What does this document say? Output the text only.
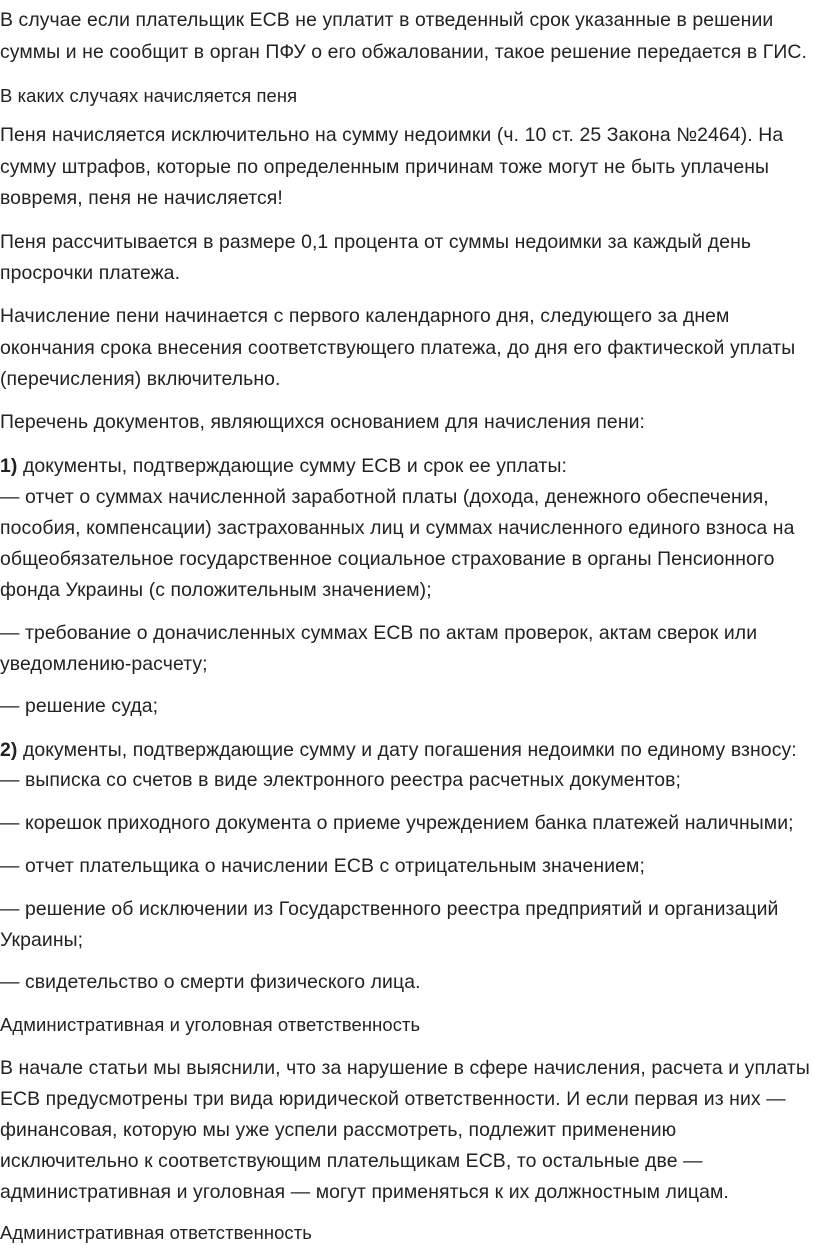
В случае если плательщик ЕСВ не уплатит в отведенный срок указанные в решении
суммы и не сообщит в орган ПФУ о его обжаловании, такое решение передается в ГИС.
В каких случаях начисляется пеня
Пеня начисляется исключительно на сумму недоимки (ч. 10 ст. 25 Закона №2464). На
сумму штрафов, которые по определенным причинам тоже могут не быть уплачены
вовремя, пеня не начисляется!
Пеня рассчитывается в размере 0,1 процента от суммы недоимки за каждый день
просрочки платежа.
Начисление пени начинается с первого календарного дня, следующего за днем
окончания срока внесения соответствующего платежа, до дня его фактической уплаты
(перечисления) включительно.
Перечень документов, являющихся основанием для начисления пени:
1) документы, подтверждающие сумму ЕСВ и срок ее уплаты:
— отчет о суммах начисленной заработной платы (дохода, денежного обеспечения,
пособия, компенсации) застрахованных лиц и суммах начисленного единого взноса на
общеобязательное государственное социальное страхование в органы Пенсионного
фонда Украины (с положительным значением);
— требование о доначисленных суммах ЕСВ по актам проверок, актам сверок или
уведомлению-расчету;
— решение суда;
2) документы, подтверждающие сумму и дату погашения недоимки по единому взносу:
— выписка со счетов в виде электронного реестра расчетных документов;
— корешок приходного документа о приеме учреждением банка платежей наличными;
— отчет плательщика о начислении ЕСВ с отрицательным значением;
— решение об исключении из Государственного реестра предприятий и организаций
Украины;
— свидетельство о смерти физического лица.
Административная и уголовная ответственность
В начале статьи мы выяснили, что за нарушение в сфере начисления, расчета и уплаты
ЕСВ предусмотрены три вида юридической ответственности. И если первая из них —
финансовая, которую мы уже успели рассмотреть, подлежит применению
исключительно к соответствующим плательщикам ЕСВ, то остальные две —
административная и уголовная — могут применяться к их должностным лицам.
Административная ответственность
